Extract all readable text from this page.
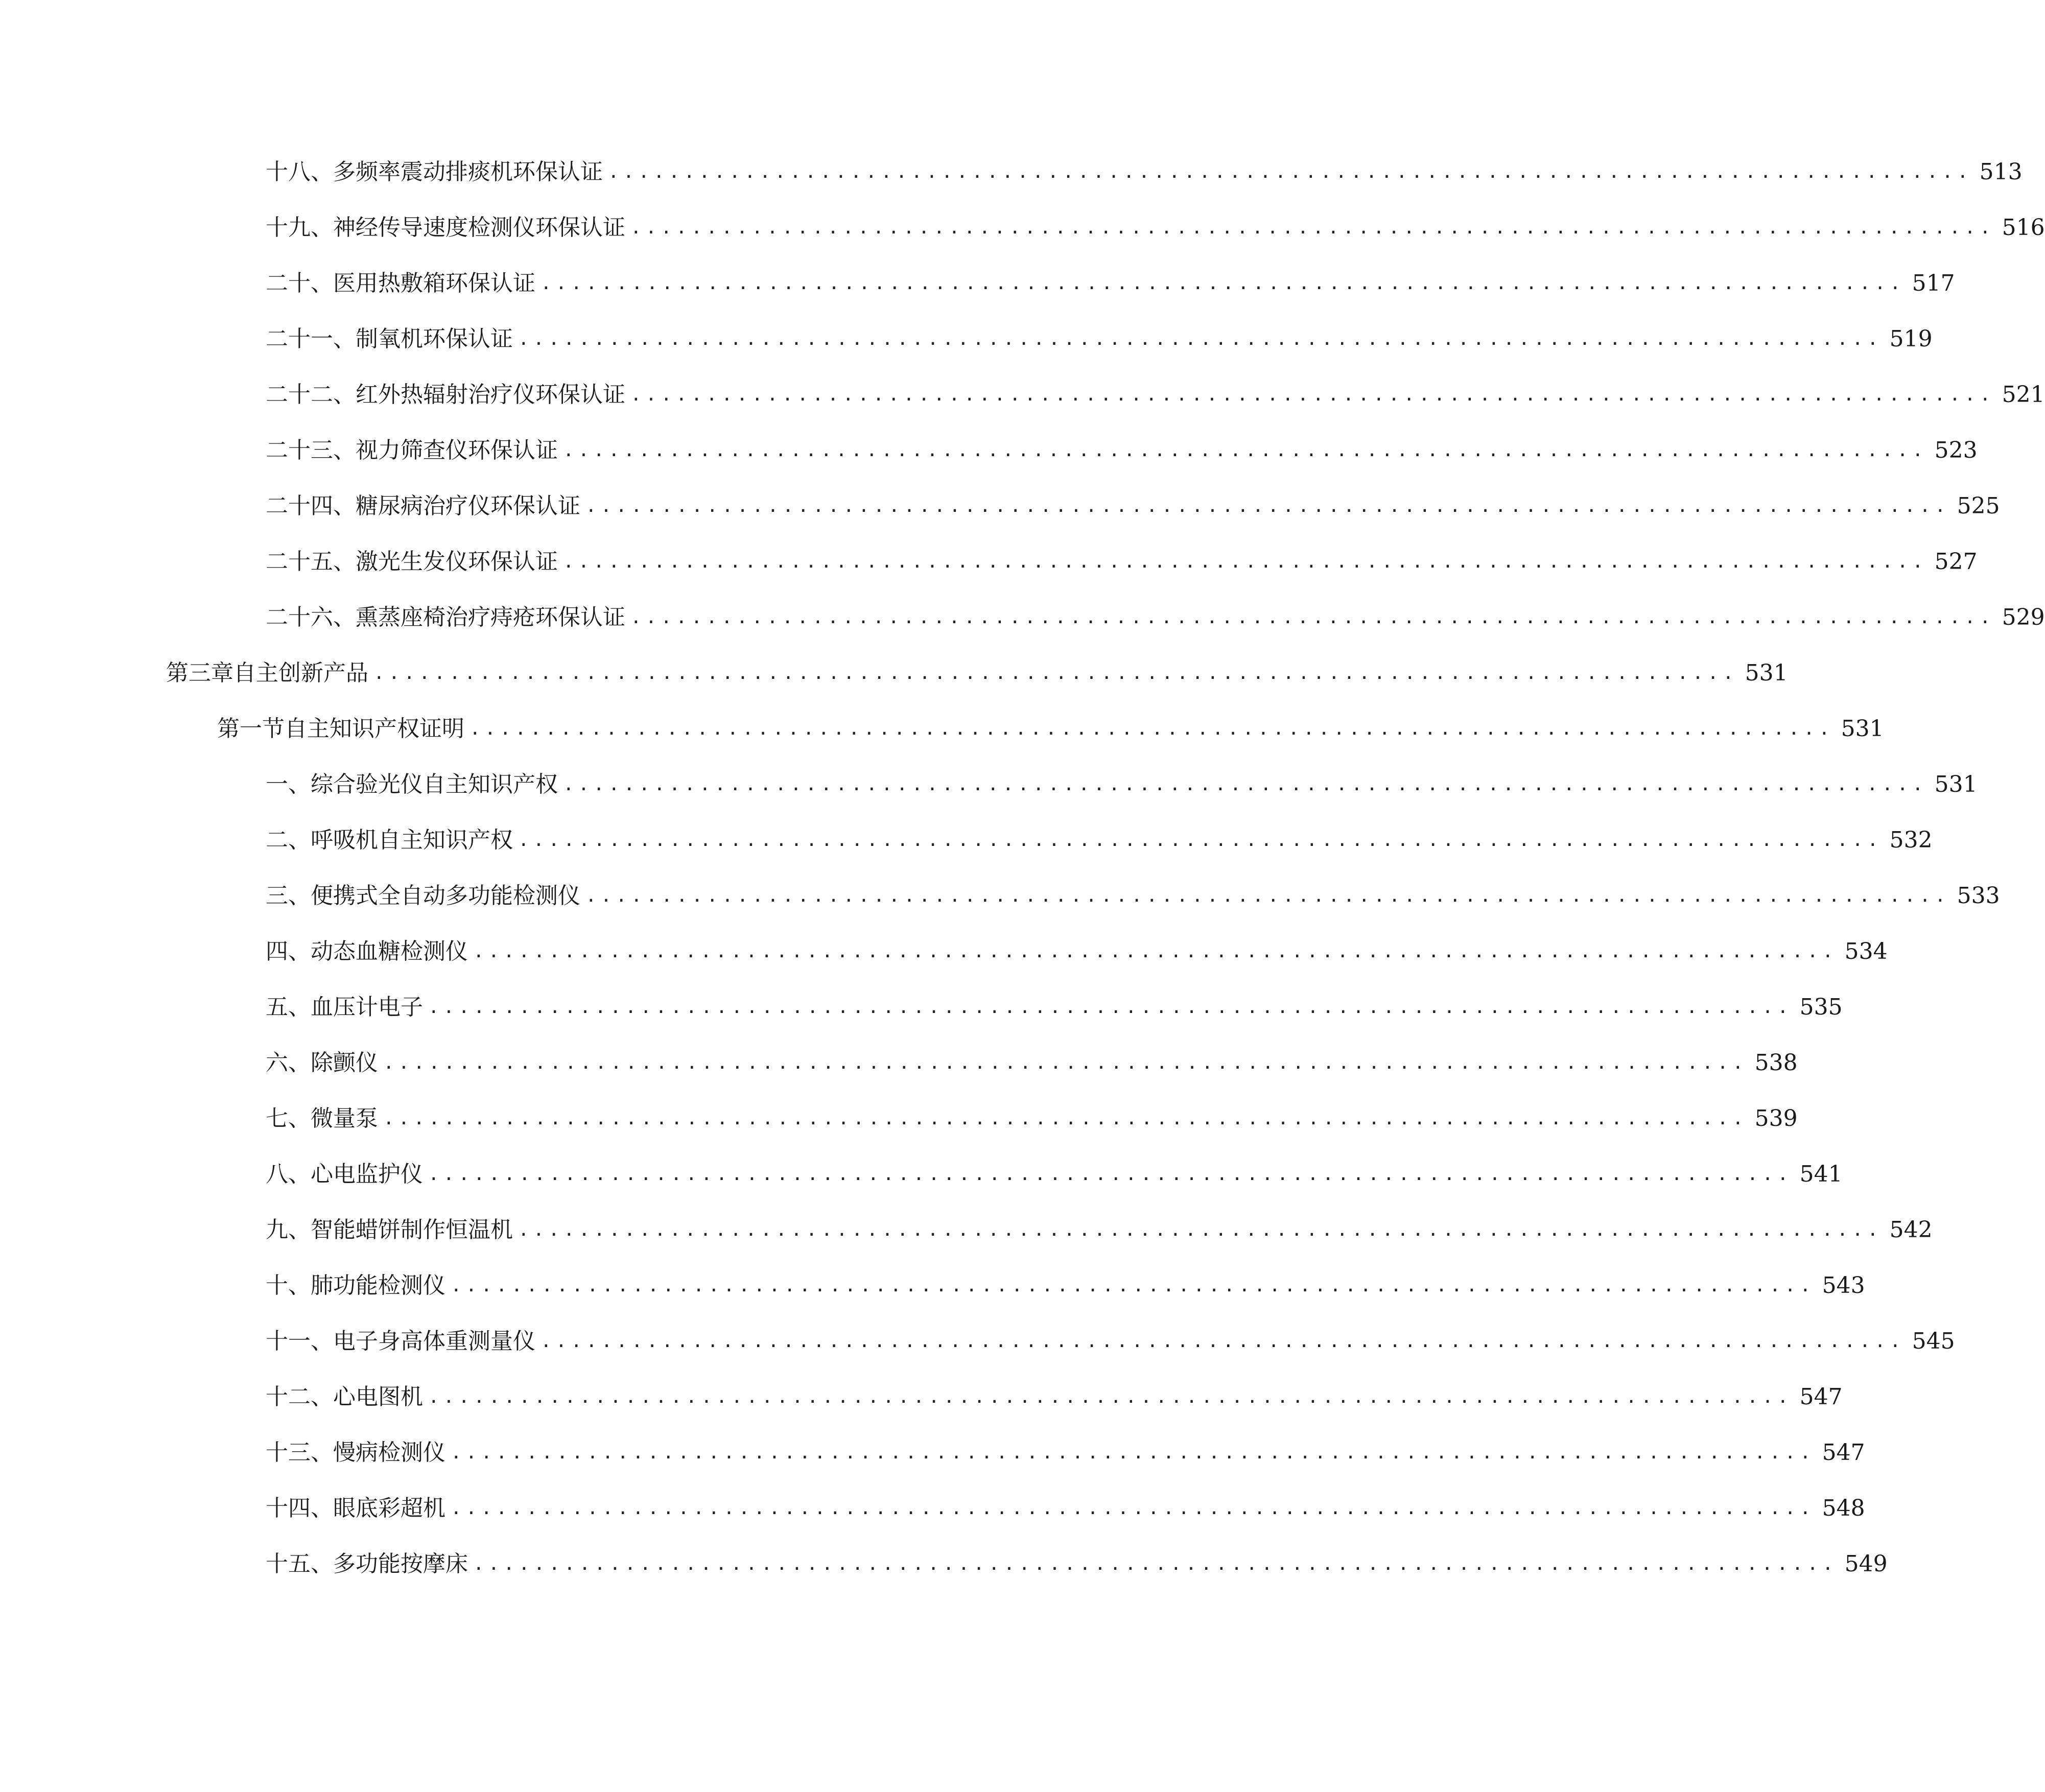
十八、 多频率震动排痰机环保认证 .......................................................................................... 513
十九、 神经传导速度检测仪环保认证 .......................................................................................... 516
二十、 医用热敷箱环保认证 .......................................................................................... 517
二十一、 制氧机环保认证 .......................................................................................... 519
二十二、 红外热辐射治疗仪环保认证 .......................................................................................... 521
二十三、 视力筛查仪环保认证 .......................................................................................... 523
二十四、 糖尿病治疗仪环保认证 .......................................................................................... 525
二十五、 激光生发仪环保认证 .......................................................................................... 527
二十六、 熏蒸座椅治疗痔疮环保认证 .......................................................................................... 529
第三章 自主创新产品 .......................................................................................... 531
第一节 自主知识产权证明 .......................................................................................... 531
一、 综合验光仪自主知识产权 .......................................................................................... 531
二、 呼吸机自主知识产权 .......................................................................................... 532
三、 便携式全自动多功能检测仪 .......................................................................................... 533
四、 动态血糖检测仪 .......................................................................................... 534
五、 血压计电子 .......................................................................................... 535
六、 除颤仪 .......................................................................................... 538
七、 微量泵 .......................................................................................... 539
八、 心电监护仪 .......................................................................................... 541
九、 智能蜡饼制作恒温机 .......................................................................................... 542
十、 肺功能检测仪 .......................................................................................... 543
十一、 电子身高体重测量仪 .......................................................................................... 545
十二、 心电图机 .......................................................................................... 547
十三、 慢病检测仪 .......................................................................................... 547
十四、 眼底彩超机 .......................................................................................... 548
十五、 多功能按摩床 .......................................................................................... 549
